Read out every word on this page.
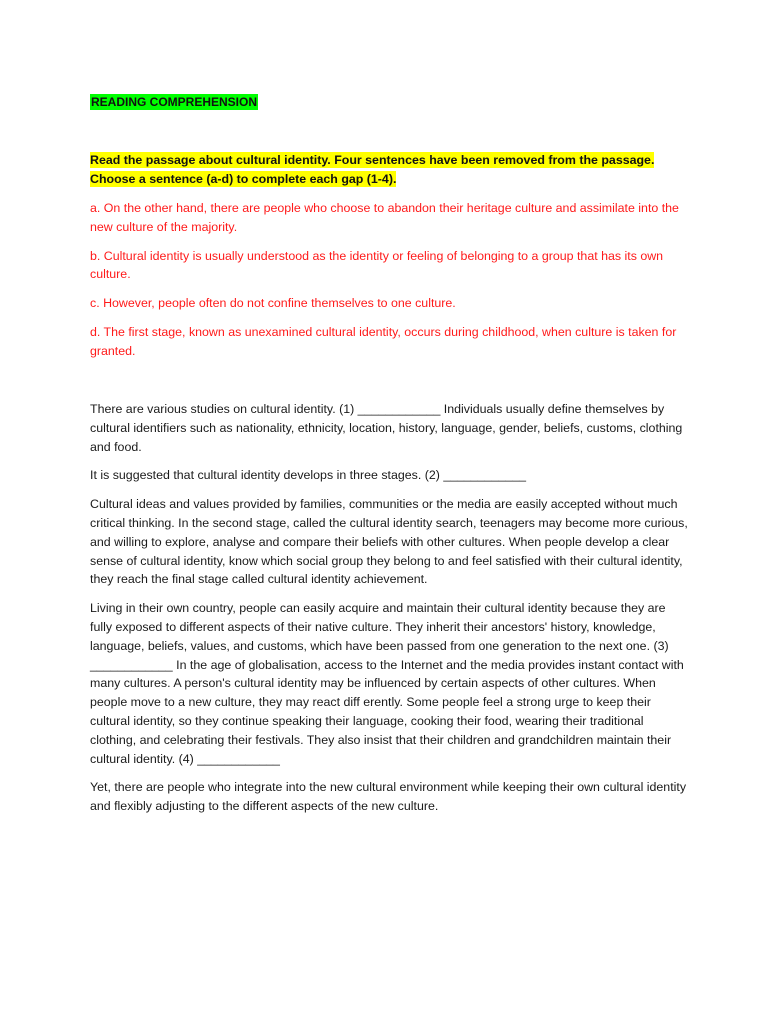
READING COMPREHENSION
Read the passage about cultural identity. Four sentences have been removed from the passage. Choose a sentence (a-d) to complete each gap (1-4).

a. On the other hand, there are people who choose to abandon their heritage culture and assimilate into the new culture of the majority.

b. Cultural identity is usually understood as the identity or feeling of belonging to a group that has its own culture.

c. However, people often do not confine themselves to one culture.

d. The first stage, known as unexamined cultural identity, occurs during childhood, when culture is taken for granted.

There are various studies on cultural identity. (1) ____________ Individuals usually define themselves by cultural identifiers such as nationality, ethnicity, location, history, language, gender, beliefs, customs, clothing and food.

It is suggested that cultural identity develops in three stages. (2) ____________

Cultural ideas and values provided by families, communities or the media are easily accepted without much critical thinking. In the second stage, called the cultural identity search, teenagers may become more curious, and willing to explore, analyse and compare their beliefs with other cultures. When people develop a clear sense of cultural identity, know which social group they belong to and feel satisfied with their cultural identity, they reach the final stage called cultural identity achievement.

Living in their own country, people can easily acquire and maintain their cultural identity because they are fully exposed to different aspects of their native culture. They inherit their ancestors' history, knowledge, language, beliefs, values, and customs, which have been passed from one generation to the next one. (3) ____________ In the age of globalisation, access to the Internet and the media provides instant contact with many cultures. A person's cultural identity may be influenced by certain aspects of other cultures. When people move to a new culture, they may react diff erently. Some people feel a strong urge to keep their cultural identity, so they continue speaking their language, cooking their food, wearing their traditional clothing, and celebrating their festivals. They also insist that their children and grandchildren maintain their cultural identity. (4) ____________

Yet, there are people who integrate into the new cultural environment while keeping their own cultural identity and flexibly adjusting to the different aspects of the new culture.
